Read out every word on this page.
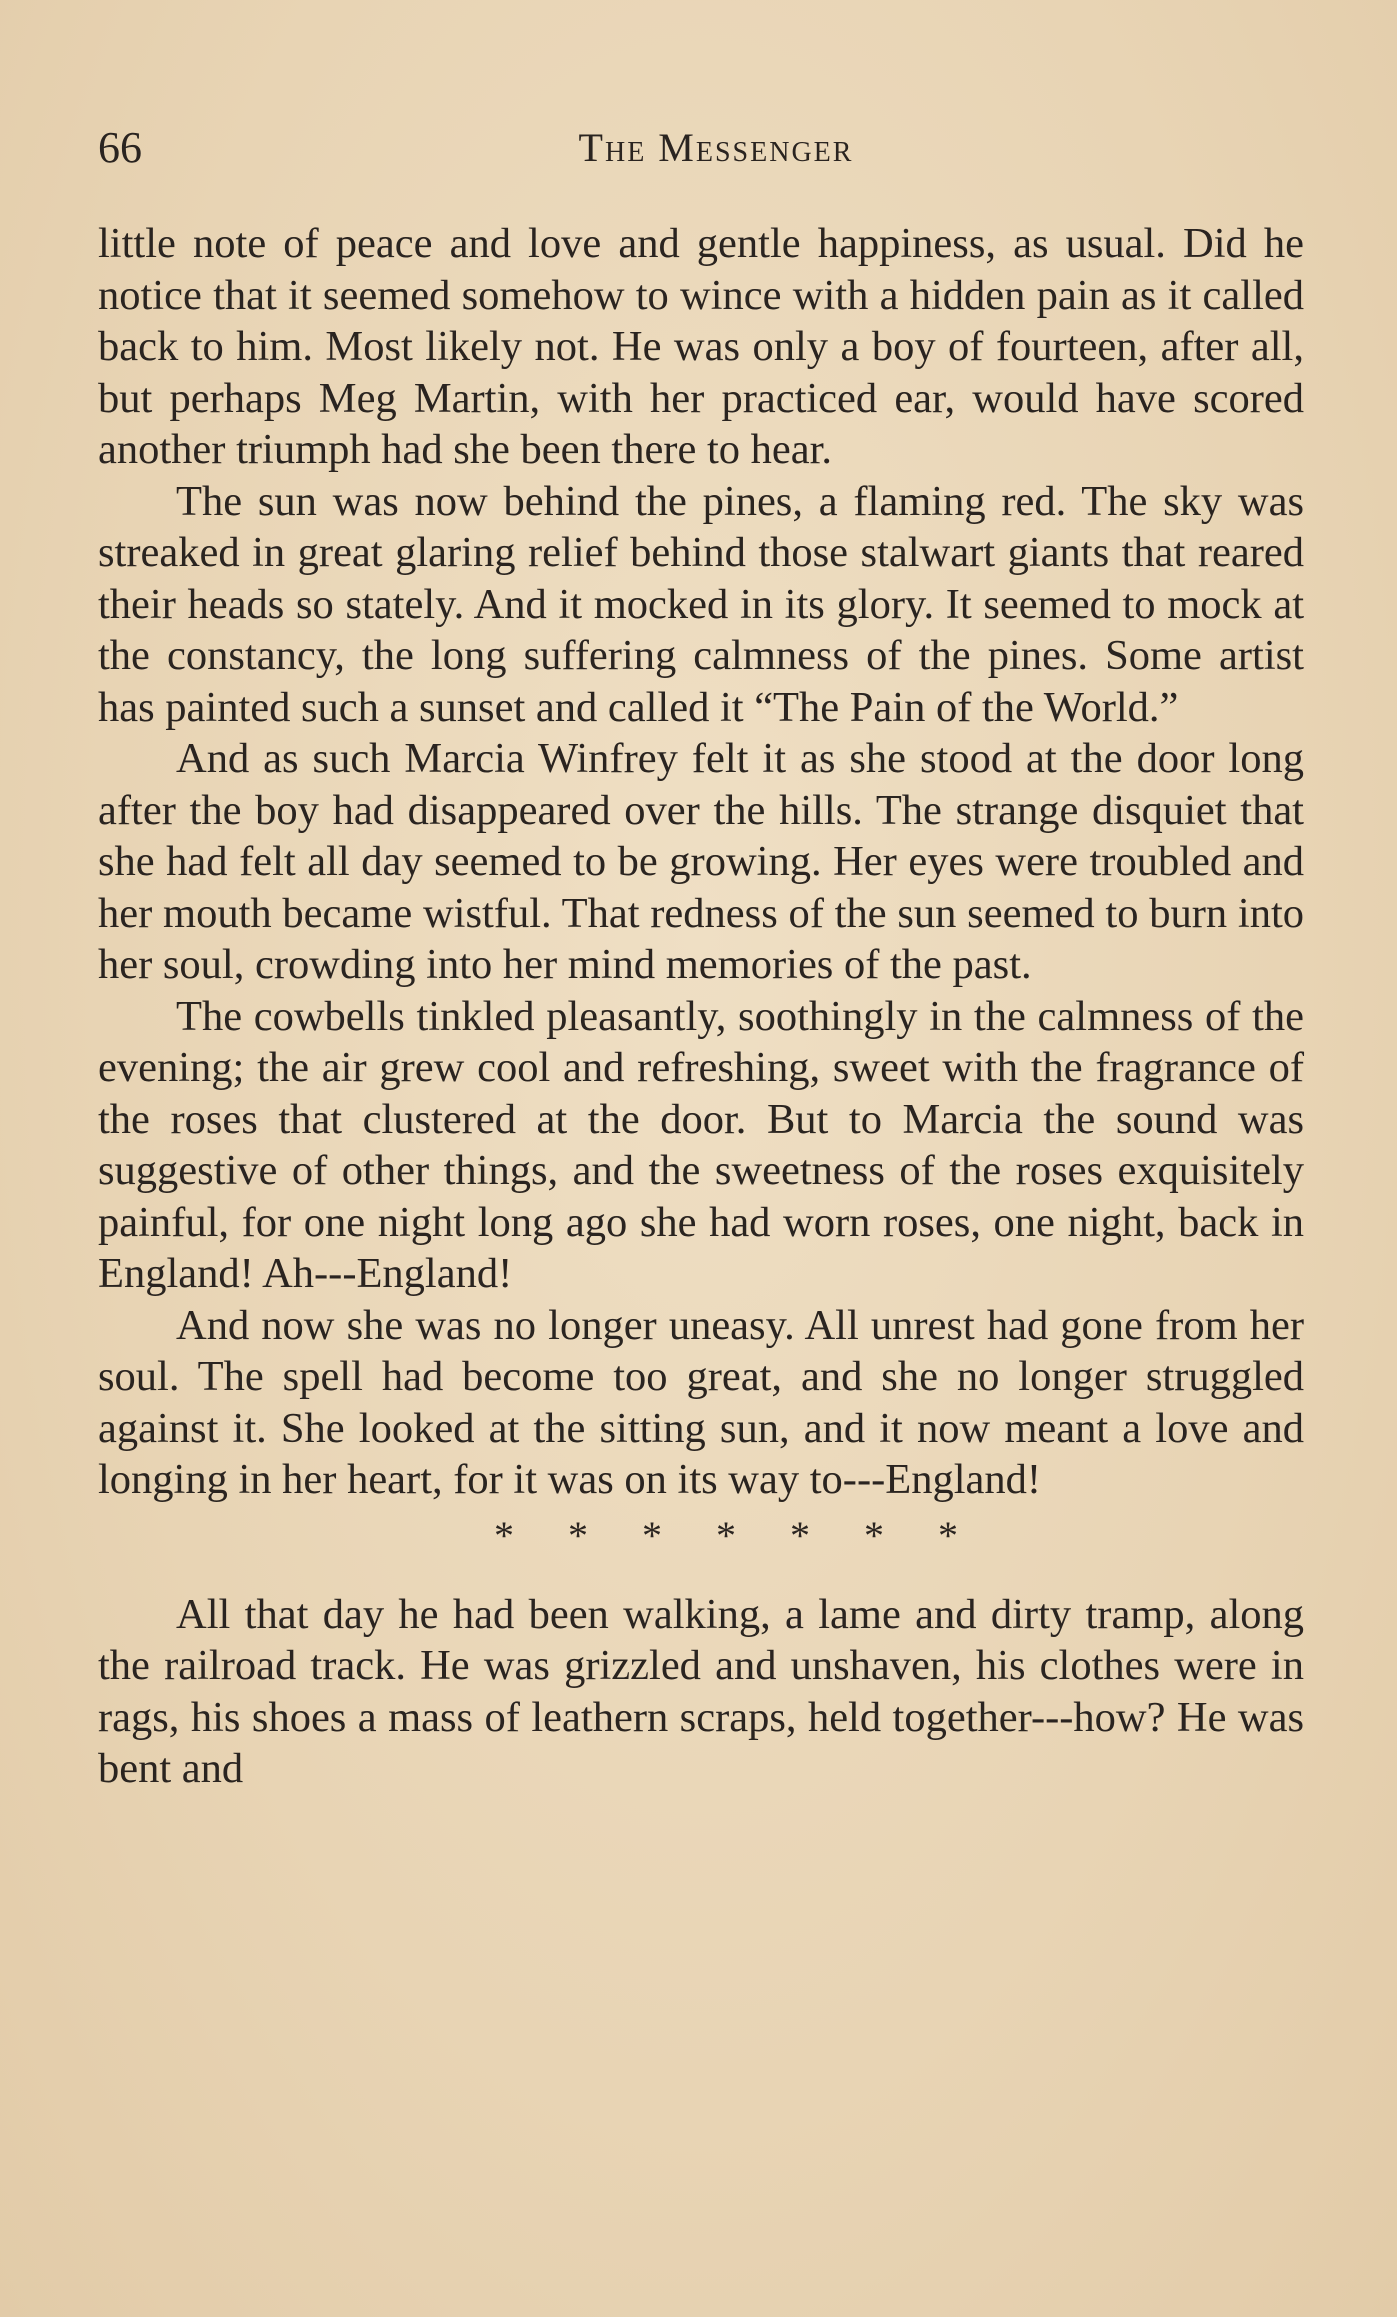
66	The Messenger

little note of peace and love and gentle happiness, as usual. Did he notice that it seemed somehow to wince with a hidden pain as it called back to him. Most likely not. He was only a boy of fourteen, after all, but perhaps Meg Martin, with her practiced ear, would have scored another triumph had she been there to hear.

The sun was now behind the pines, a flaming red. The sky was streaked in great glaring relief behind those stalwart giants that reared their heads so stately. And it mocked in its glory. It seemed to mock at the constancy, the long suffering calmness of the pines. Some artist has painted such a sunset and called it “The Pain of the World.”

And as such Marcia Winfrey felt it as she stood at the door long after the boy had disappeared over the hills. The strange disquiet that she had felt all day seemed to be growing. Her eyes were troubled and her mouth became wistful. That redness of the sun seemed to burn into her soul, crowding into her mind memories of the past.

The cowbells tinkled pleasantly, soothingly in the calmness of the evening; the air grew cool and refreshing, sweet with the fragrance of the roses that clustered at the door. But to Marcia the sound was suggestive of other things, and the sweetness of the roses exquisitely painful, for one night long ago she had worn roses, one night, back in England! Ah---England!

And now she was no longer uneasy. All unrest had gone from her soul. The spell had become too great, and she no longer struggled against it. She looked at the sitting sun, and it now meant a love and longing in her heart, for it was on its way to---England!

* * * * * * *

All that day he had been walking, a lame and dirty tramp, along the railroad track. He was grizzled and unshaven, his clothes were in rags, his shoes a mass of leathern scraps, held together---how? He was bent and
